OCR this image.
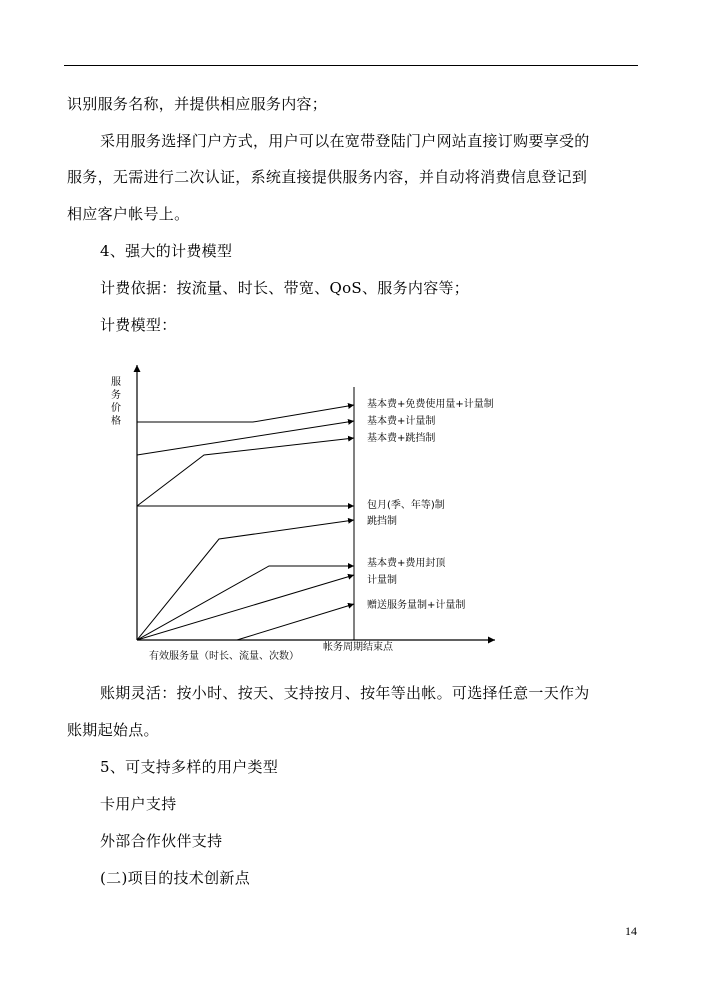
识别服务名称，并提供相应服务内容；
采用服务选择门户方式，用户可以在宽带登陆门户网站直接订购要享受的
服务，无需进行二次认证，系统直接提供服务内容，并自动将消费信息登记到
相应客户帐号上。
4、强大的计费模型
计费依据：按流量、时长、带宽、QoS、服务内容等；
计费模型：
服
务
价
格
有效服务量（时长、流量、次数）
帐务周期结束点
基本费+免费使用量+计量制
基本费+计量制
基本费+跳挡制
包月(季、年等)制
跳挡制
基本费+费用封顶
计量制
赠送服务量制+计量制
账期灵活：按小时、按天、支持按月、按年等出帐。可选择任意一天作为
账期起始点。
5、可支持多样的用户类型
卡用户支持
外部合作伙伴支持
(二)项目的技术创新点
14
